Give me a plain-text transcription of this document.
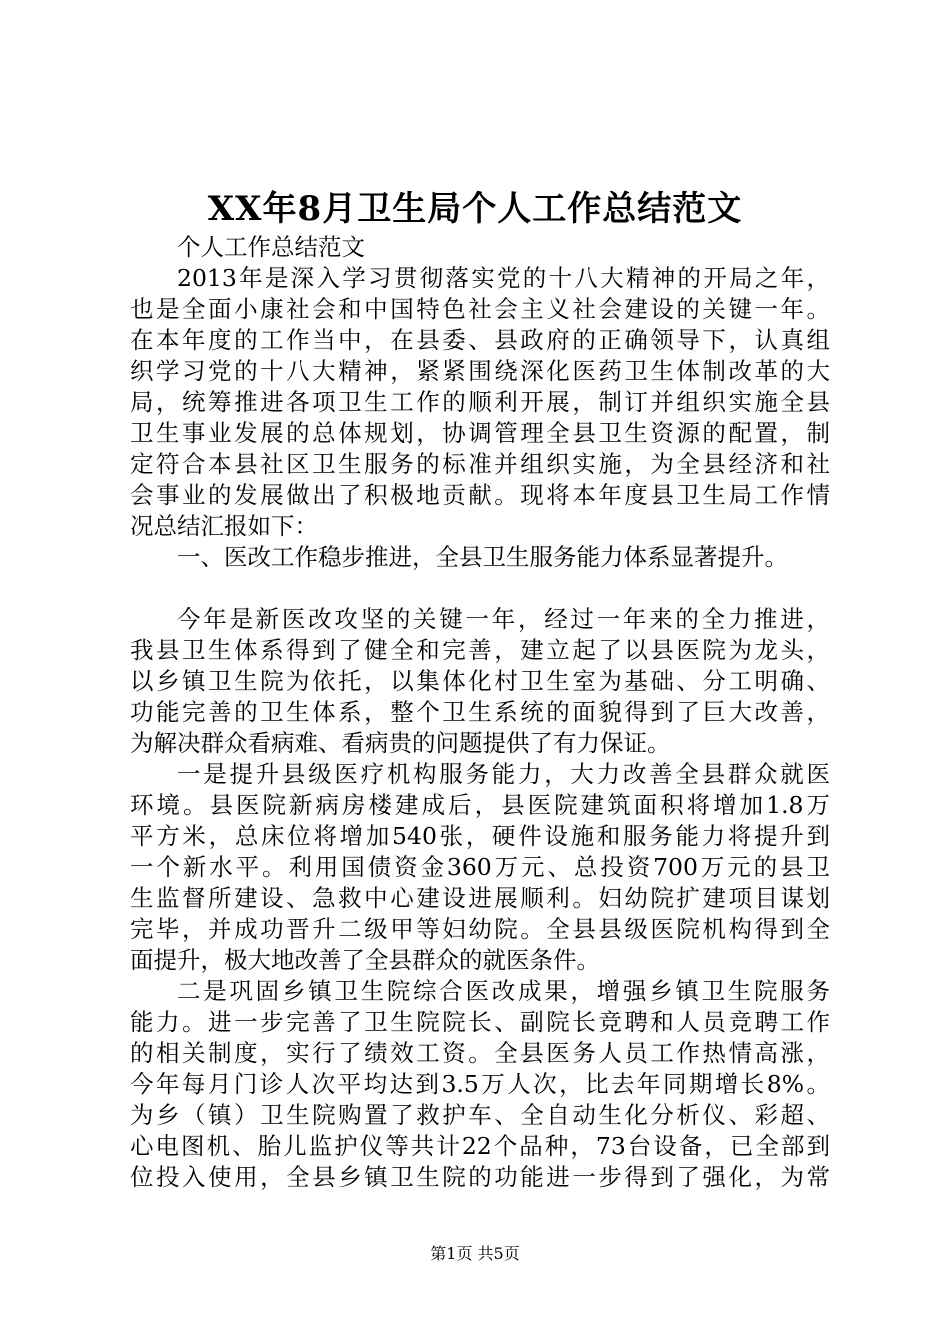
XX年8月卫生局个人工作总结范文
个人工作总结范文
2013年是深入学习贯彻落实党的十八大精神的开局之年，
也是全面小康社会和中国特色社会主义社会建设的关键一年。
在本年度的工作当中，在县委、县政府的正确领导下，认真组
织学习党的十八大精神，紧紧围绕深化医药卫生体制改革的大
局，统筹推进各项卫生工作的顺利开展，制订并组织实施全县
卫生事业发展的总体规划，协调管理全县卫生资源的配置，制
定符合本县社区卫生服务的标准并组织实施，为全县经济和社
会事业的发展做出了积极地贡献。现将本年度县卫生局工作情
况总结汇报如下：
一、医改工作稳步推进，全县卫生服务能力体系显著提升。
今年是新医改攻坚的关键一年，经过一年来的全力推进，
我县卫生体系得到了健全和完善，建立起了以县医院为龙头，
以乡镇卫生院为依托，以集体化村卫生室为基础、分工明确、
功能完善的卫生体系，整个卫生系统的面貌得到了巨大改善，
为解决群众看病难、看病贵的问题提供了有力保证。
一是提升县级医疗机构服务能力，大力改善全县群众就医
环境。县医院新病房楼建成后，县医院建筑面积将增加1.8万
平方米，总床位将增加540张，硬件设施和服务能力将提升到
一个新水平。利用国债资金360万元、总投资700万元的县卫
生监督所建设、急救中心建设进展顺利。妇幼院扩建项目谋划
完毕，并成功晋升二级甲等妇幼院。全县县级医院机构得到全
面提升，极大地改善了全县群众的就医条件。
二是巩固乡镇卫生院综合医改成果，增强乡镇卫生院服务
能力。进一步完善了卫生院院长、副院长竞聘和人员竞聘工作
的相关制度，实行了绩效工资。全县医务人员工作热情高涨，
今年每月门诊人次平均达到3.5万人次，比去年同期增长8%。
为乡（镇）卫生院购置了救护车、全自动生化分析仪、彩超、
心电图机、胎儿监护仪等共计22个品种，73台设备，已全部到
位投入使用，全县乡镇卫生院的功能进一步得到了强化，为常
第1页 共5页
